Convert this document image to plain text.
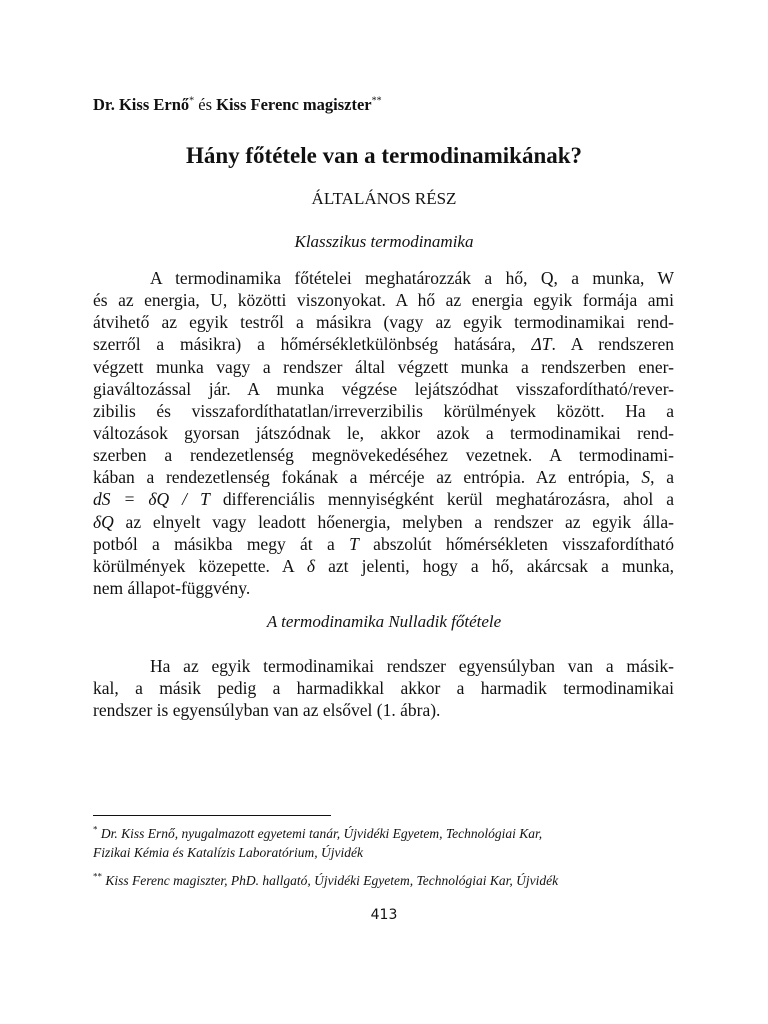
Dr. Kiss Ernő* és Kiss Ferenc magiszter**
Hány főtétele van a termodinamikának?
ÁLTALÁNOS RÉSZ
Klasszikus termodinamika
A termodinamika főtételei meghatározzák a hő, Q, a munka, W
és az energia, U, közötti viszonyokat. A hő az energia egyik formája ami
átvihető az egyik testről a másikra (vagy az egyik termodinamikai rend-
szerről a másikra) a hőmérsékletkülönbség hatására, ΔT. A rendszeren
végzett munka vagy a rendszer által végzett munka a rendszerben ener-
giaváltozással jár. A munka végzése lejátszódhat visszafordítható/rever-
zibilis és visszafordíthatatlan/irreverzibilis körülmények között. Ha a
változások gyorsan játszódnak le, akkor azok a termodinamikai rend-
szerben a rendezetlenség megnövekedéséhez vezetnek. A termodinami-
kában a rendezetlenség fokának a mércéje az entrópia. Az entrópia, S, a
dS = δQ / T differenciális mennyiségként kerül meghatározásra, ahol a
δQ az elnyelt vagy leadott hőenergia, melyben a rendszer az egyik álla-
potból a másikba megy át a T abszolút hőmérsékleten visszafordítható
körülmények közepette. A δ azt jelenti, hogy a hő, akárcsak a munka,
nem állapot-függvény.
A termodinamika Nulladik főtétele
Ha az egyik termodinamikai rendszer egyensúlyban van a másik-
kal, a másik pedig a harmadikkal akkor a harmadik termodinamikai
rendszer is egyensúlyban van az elsővel (1. ábra).
* Dr. Kiss Ernő, nyugalmazott egyetemi tanár, Újvidéki Egyetem, Technológiai Kar,
Fizikai Kémia és Katalízis Laboratórium, Újvidék
** Kiss Ferenc magiszter, PhD. hallgató, Újvidéki Egyetem, Technológiai Kar, Újvidék
413
